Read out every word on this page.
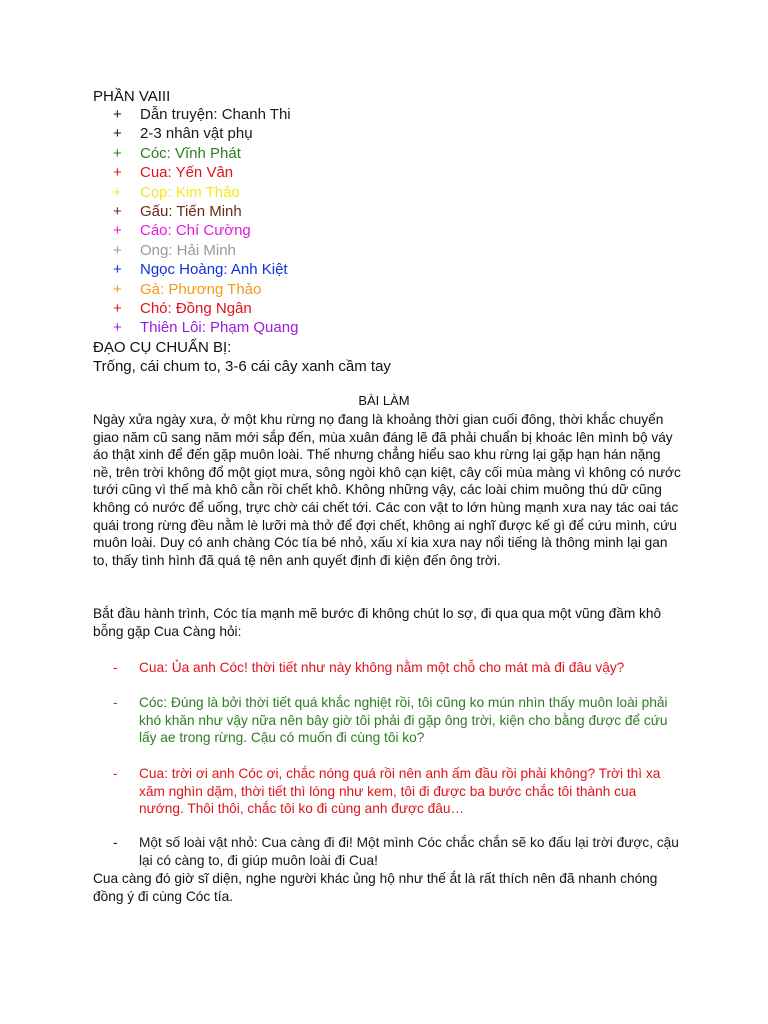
PHẦN VAIII

+ Dẫn truyện: Chanh Thi
+ 2-3 nhân vật phụ
+ Cóc: Vĩnh Phát
+ Cua: Yến Vân
+ Cọp: Kim Thảo
+ Gấu: Tiến Minh
+ Cáo: Chí Cường
+ Ong: Hải Minh
+ Ngọc Hoàng: Anh Kiệt
+ Gà: Phương Thảo
+ Chó: Đồng Ngân
+ Thiên Lôi: Phạm Quang

ĐẠO CỤ CHUẨN BỊ:

Trống, cái chum to, 3-6 cái cây xanh cầm tay

BÀI LÀM

Ngày xửa ngày xưa, ở một khu rừng nọ đang là khoảng thời gian cuối đông, thời khắc chuyển giao năm cũ sang năm mới sắp đến, mùa xuân đáng lẽ đã phải chuẩn bị khoác lên mình bộ váy áo thật xinh để đến gặp muôn loài. Thế nhưng chẳng hiểu sao khu rừng lại gặp hạn hán nặng nề, trên trời không đổ một giọt mưa, sông ngòi khô cạn kiệt, cây cối mùa màng vì không có nước tưới cũng vì thế mà khô cằn rồi chết khô. Không những vậy, các loài chim muông thú dữ cũng không có nước để uống, trực chờ cái chết tới. Các con vật to lớn hùng mạnh xưa nay tác oai tác quái trong rừng đều nằm lè lưỡi mà thở để đợi chết, không ai nghĩ được kế gì để cứu mình, cứu muôn loài. Duy có anh chàng Cóc tía bé nhỏ, xấu xí kia xưa nay nổi tiếng là thông minh lại gan to, thấy tình hình đã quá tệ nên anh quyết định đi kiện đến ông trời.

Bắt đầu hành trình, Cóc tía mạnh mẽ bước đi không chút lo sợ, đi qua qua một vũng đầm khô bỗng gặp Cua Càng hỏi:

- Cua: Ủa anh Cóc! thời tiết như này không nằm một chỗ cho mát mà đi đâu vậy?
- Cóc: Đúng là bởi thời tiết quá khắc nghiệt rồi, tôi cũng ko mún nhìn thấy muôn loài phải khó khăn như vậy nữa nên bây giờ tôi phải đi gặp ông trời, kiện cho bằng được để cứu lấy ae trong rừng. Cậu có muốn đi cùng tôi ko?
- Cua: trời ơi anh Cóc ơi, chắc nóng quá rồi nên anh ấm đầu rồi phải không? Trời thì xa xăm nghìn dặm, thời tiết thì lóng như kem, tôi đi được ba bước chắc tôi thành cua nướng. Thôi thôi, chắc tôi ko đi cùng anh được đâu…
- Một số loài vật nhỏ: Cua càng đi đi! Một mình Cóc chắc chắn sẽ ko đấu lại trời được, cậu lại có càng to, đi giúp muôn loài đi Cua!

Cua càng đó giờ sĩ diện, nghe người khác ủng hộ như thế ắt là rất thích nên đã nhanh chóng đồng ý đi cùng Cóc tía.
